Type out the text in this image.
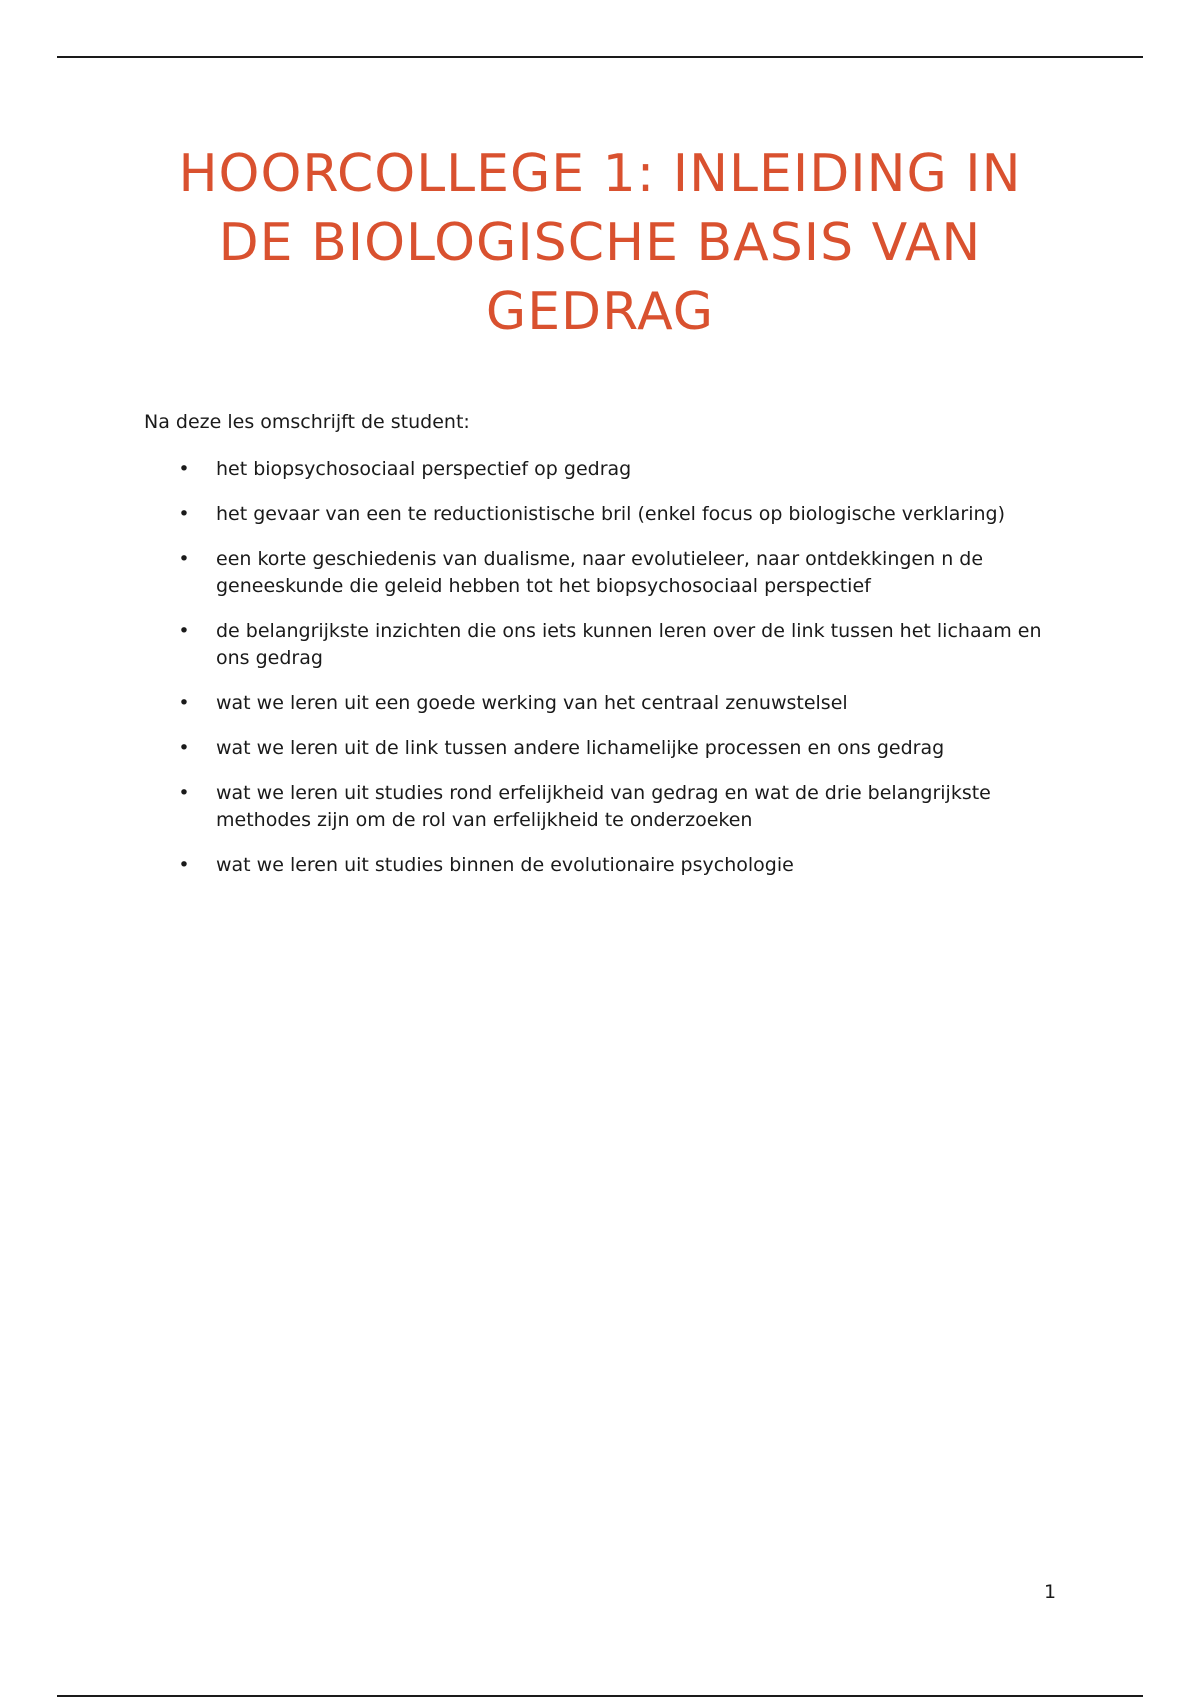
HOORCOLLEGE 1: INLEIDING IN DE BIOLOGISCHE BASIS VAN GEDRAG

Na deze les omschrijft de student:

• het biopsychosociaal perspectief op gedrag
• het gevaar van een te reductionistische bril (enkel focus op biologische verklaring)
• een korte geschiedenis van dualisme, naar evolutieleer, naar ontdekkingen n de geneeskunde die geleid hebben tot het biopsychosociaal perspectief
• de belangrijkste inzichten die ons iets kunnen leren over de link tussen het lichaam en ons gedrag
• wat we leren uit een goede werking van het centraal zenuwstelsel
• wat we leren uit de link tussen andere lichamelijke processen en ons gedrag
• wat we leren uit studies rond erfelijkheid van gedrag en wat de drie belangrijkste methodes zijn om de rol van erfelijkheid te onderzoeken
• wat we leren uit studies binnen de evolutionaire psychologie
1
